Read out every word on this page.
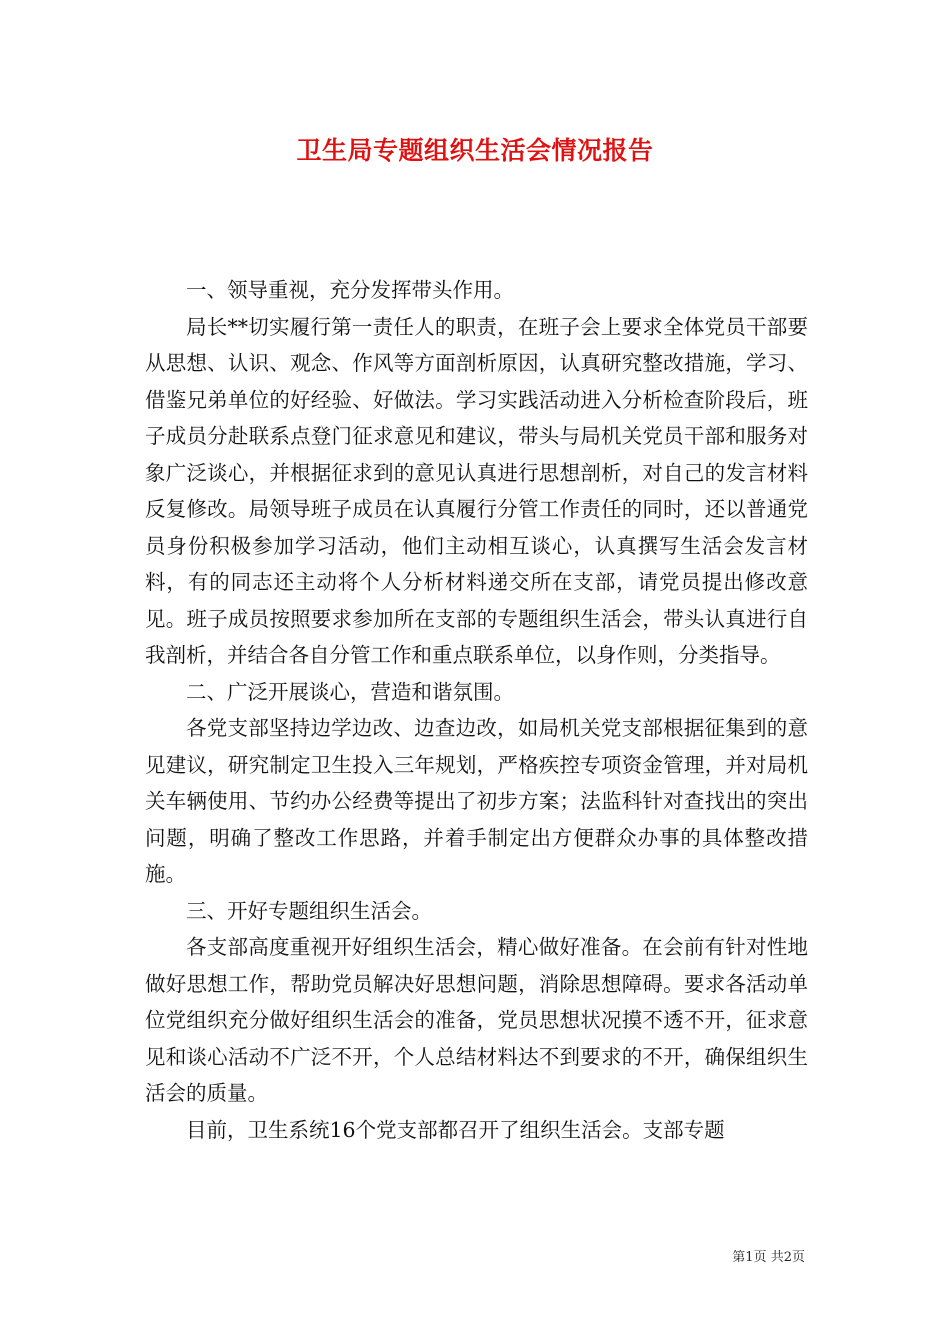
卫生局专题组织生活会情况报告

一、领导重视，充分发挥带头作用。

局长**切实履行第一责任人的职责，在班子会上要求全体党员干部要从思想、认识、观念、作风等方面剖析原因，认真研究整改措施，学习、借鉴兄弟单位的好经验、好做法。学习实践活动进入分析检查阶段后，班子成员分赴联系点登门征求意见和建议，带头与局机关党员干部和服务对象广泛谈心，并根据征求到的意见认真进行思想剖析，对自己的发言材料反复修改。局领导班子成员在认真履行分管工作责任的同时，还以普通党员身份积极参加学习活动，他们主动相互谈心，认真撰写生活会发言材料，有的同志还主动将个人分析材料递交所在支部，请党员提出修改意见。班子成员按照要求参加所在支部的专题组织生活会，带头认真进行自我剖析，并结合各自分管工作和重点联系单位，以身作则，分类指导。

二、广泛开展谈心，营造和谐氛围。

各党支部坚持边学边改、边查边改，如局机关党支部根据征集到的意见建议，研究制定卫生投入三年规划，严格疾控专项资金管理，并对局机关车辆使用、节约办公经费等提出了初步方案；法监科针对查找出的突出问题，明确了整改工作思路，并着手制定出方便群众办事的具体整改措施。

三、开好专题组织生活会。

各支部高度重视开好组织生活会，精心做好准备。在会前有针对性地做好思想工作，帮助党员解决好思想问题，消除思想障碍。要求各活动单位党组织充分做好组织生活会的准备，党员思想状况摸不透不开，征求意见和谈心活动不广泛不开，个人总结材料达不到要求的不开，确保组织生活会的质量。

目前，卫生系统16个党支部都召开了组织生活会。支部专题

第1页 共2页
